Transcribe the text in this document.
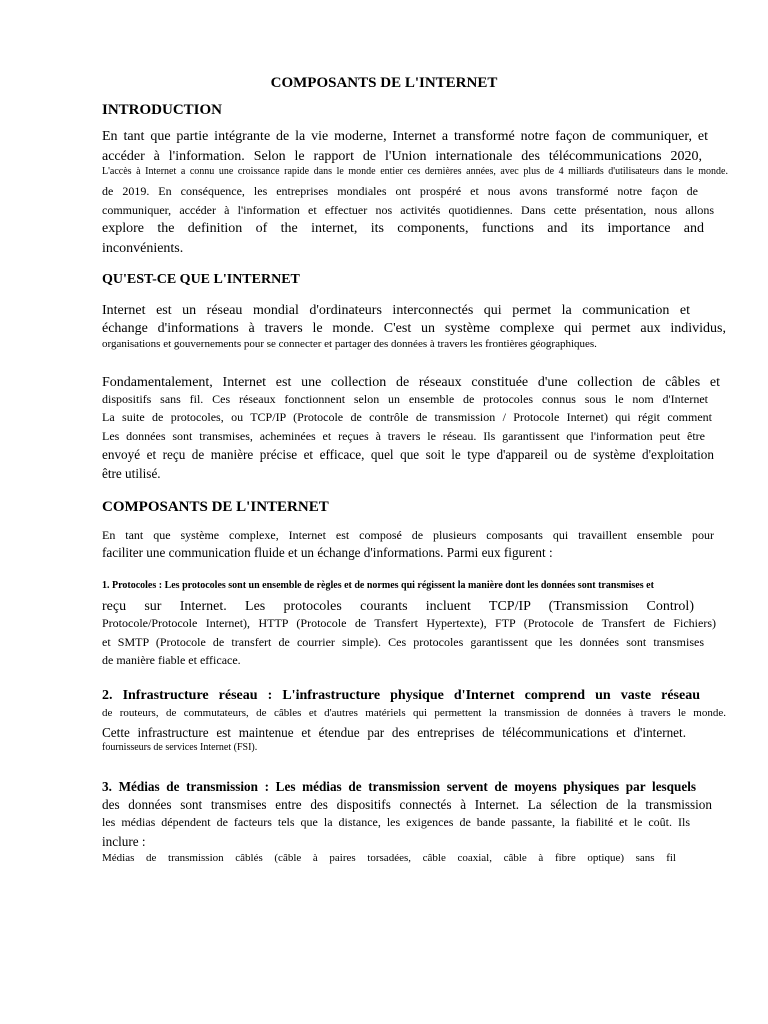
COMPOSANTS DE L'INTERNET
INTRODUCTION
En tant que partie intégrante de la vie moderne, Internet a transformé notre façon de communiquer, et
accéder à l'information. Selon le rapport de l'Union internationale des télécommunications 2020,
L'accès à Internet a connu une croissance rapide dans le monde entier ces dernières années, avec plus de 4 milliards d'utilisateurs dans le monde.
de 2019. En conséquence, les entreprises mondiales ont prospéré et nous avons transformé notre façon de
communiquer, accéder à l'information et effectuer nos activités quotidiennes. Dans cette présentation, nous allons
explore the definition of the internet, its components, functions and its importance and
inconvénients.
QU'EST-CE QUE L'INTERNET
Internet est un réseau mondial d'ordinateurs interconnectés qui permet la communication et
échange d'informations à travers le monde. C'est un système complexe qui permet aux individus,
organisations et gouvernements pour se connecter et partager des données à travers les frontières géographiques.
Fondamentalement, Internet est une collection de réseaux constituée d'une collection de câbles et
dispositifs sans fil. Ces réseaux fonctionnent selon un ensemble de protocoles connus sous le nom d'Internet
La suite de protocoles, ou TCP/IP (Protocole de contrôle de transmission / Protocole Internet) qui régit comment
Les données sont transmises, acheminées et reçues à travers le réseau. Ils garantissent que l'information peut être
envoyé et reçu de manière précise et efficace, quel que soit le type d'appareil ou de système d'exploitation
être utilisé.
COMPOSANTS DE L'INTERNET
En tant que système complexe, Internet est composé de plusieurs composants qui travaillent ensemble pour
faciliter une communication fluide et un échange d'informations. Parmi eux figurent :
1. Protocoles : Les protocoles sont un ensemble de règles et de normes qui régissent la manière dont les données sont transmises et
reçu sur Internet. Les protocoles courants incluent TCP/IP (Transmission Control)
Protocole/Protocole Internet), HTTP (Protocole de Transfert Hypertexte), FTP (Protocole de Transfert de Fichiers)
et SMTP (Protocole de transfert de courrier simple). Ces protocoles garantissent que les données sont transmises
de manière fiable et efficace.
2. Infrastructure réseau : L'infrastructure physique d'Internet comprend un vaste réseau
de routeurs, de commutateurs, de câbles et d'autres matériels qui permettent la transmission de données à travers le monde.
Cette infrastructure est maintenue et étendue par des entreprises de télécommunications et d'internet.
fournisseurs de services Internet (FSI).
3. Médias de transmission : Les médias de transmission servent de moyens physiques par lesquels
des données sont transmises entre des dispositifs connectés à Internet. La sélection de la transmission
les médias dépendent de facteurs tels que la distance, les exigences de bande passante, la fiabilité et le coût. Ils
inclure :
Médias de transmission câblés (câble à paires torsadées, câble coaxial, câble à fibre optique) sans fil
